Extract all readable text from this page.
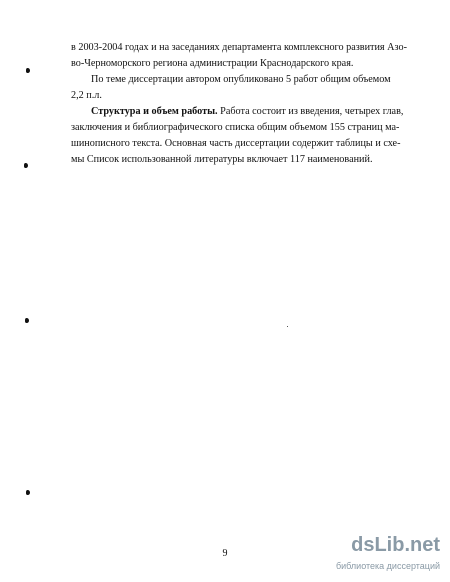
в 2003-2004 годах и на заседаниях департамента комплексного развития Азо-
во-Черноморского региона администрации Краснодарского края.
По теме диссертации автором опубликовано 5 работ общим объемом
2,2 п.л.
Структура и объем работы. Работа состоит из введения, четырех глав,
заключения и библиографического списка общим объемом 155 страниц ма-
шинописного текста. Основная часть диссертации содержит таблицы и схе-
мы Список использованной литературы включает 117 наименований.
9	dsLib.net
библиотека диссертаций
